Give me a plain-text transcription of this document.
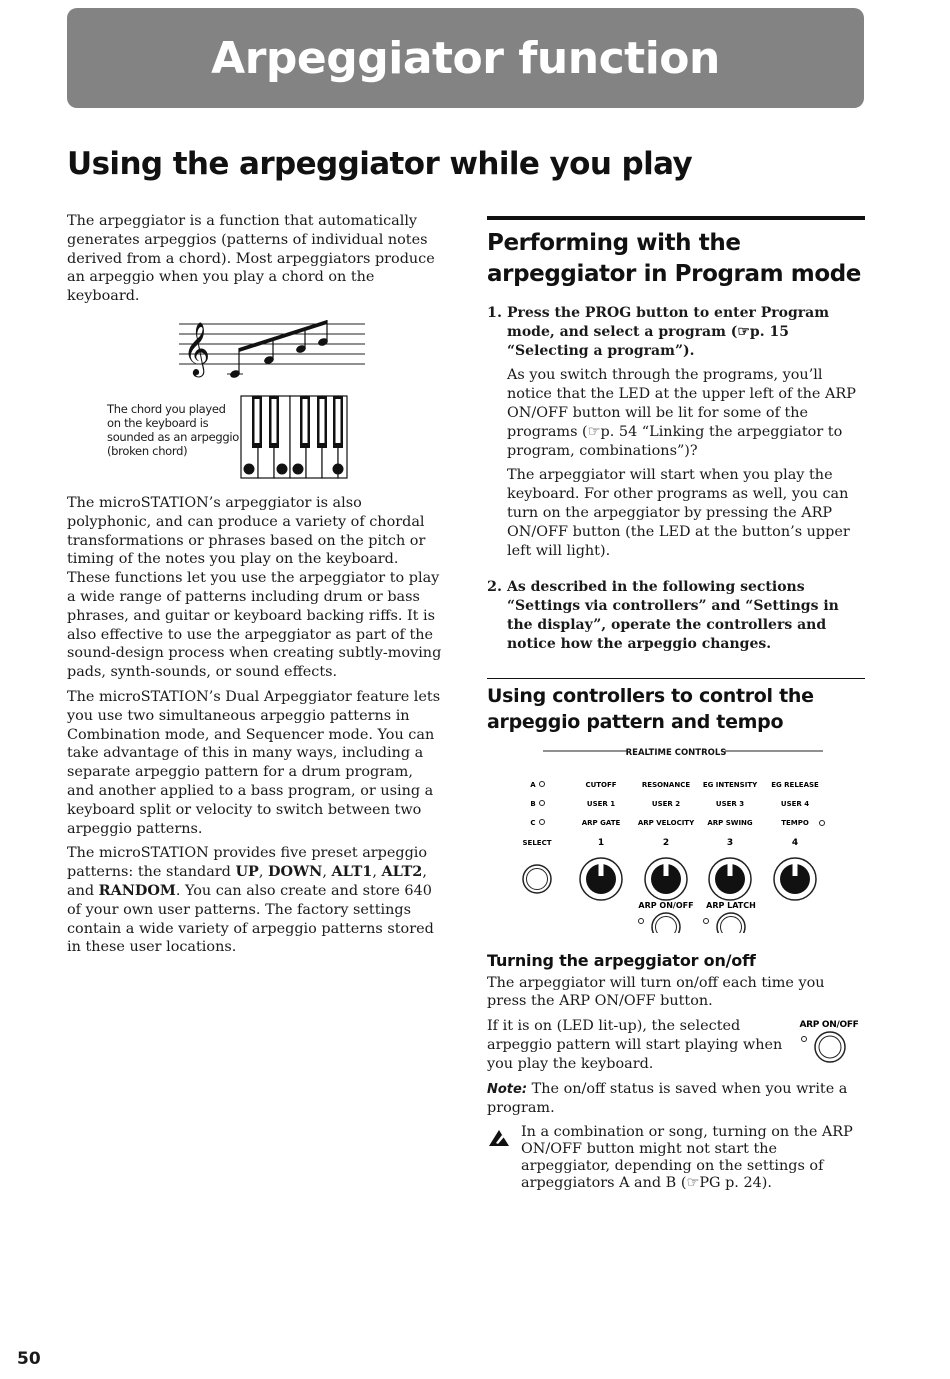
Arpeggiator function
Using the arpeggiator while you play

The arpeggiator is a function that automatically generates arpeggios (patterns of individual notes derived from a chord). Most arpeggiators produce an arpeggio when you play a chord on the keyboard.

𝄞
The chord you played on the keyboard is sounded as an arpeggio (broken chord)

The microSTATION’s arpeggiator is also polyphonic, and can produce a variety of chordal transformations or phrases based on the pitch or timing of the notes you play on the keyboard. These functions let you use the arpeggiator to play a wide range of patterns including drum or bass phrases, and guitar or keyboard backing riffs. It is also effective to use the arpeggiator as part of the sound-design process when creating subtly-moving pads, synth-sounds, or sound effects.

The microSTATION’s Dual Arpeggiator feature lets you use two simultaneous arpeggio patterns in Combination mode, and Sequencer mode. You can take advantage of this in many ways, including a separate arpeggio pattern for a drum program, and another applied to a bass program, or using a keyboard split or velocity to switch between two arpeggio patterns.

The microSTATION provides five preset arpeggio patterns: the standard UP, DOWN, ALT1, ALT2, and RANDOM. You can also create and store 640 of your own user patterns. The factory settings contain a wide variety of arpeggio patterns stored in these user locations.

Performing with the arpeggiator in Program mode
1. Press the PROG button to enter Program mode, and select a program (☞p. 15 “Selecting a program”).

As you switch through the programs, you’ll notice that the LED at the upper left of the ARP ON/OFF button will be lit for some of the programs (☞p. 54 “Linking the arpeggiator to program, combinations”)?

The arpeggiator will start when you play the keyboard. For other programs as well, you can turn on the arpeggiator by pressing the ARP ON/OFF button (the LED at the button’s upper left will light).

2. As described in the following sections “Settings via controllers” and “Settings in the display”, operate the controllers and notice how the arpeggio changes.
Using controllers to control the arpeggio pattern and tempo
REALTIME CONTROLS
A
B
C
SELECT
CUTOFF
USER 1
ARP GATE
1
RESONANCE
USER 2
ARP VELOCITY
2
EG INTENSITY
USER 3
ARP SWING
3
EG RELEASE
USER 4
TEMPO
4
ARP ON/OFF ARP LATCH
Turning the arpeggiator on/off

The arpeggiator will turn on/off each time you press the ARP ON/OFF button.

If it is on (LED lit-up), the selected arpeggio pattern will start playing when you play the keyboard.

ARP ON/OFF

Note: The on/off status is saved when you write a program.

In a combination or song, turning on the ARP ON/OFF button might not start the arpeggiator, depending on the settings of arpeggiators A and B (☞PG p. 24).

50
